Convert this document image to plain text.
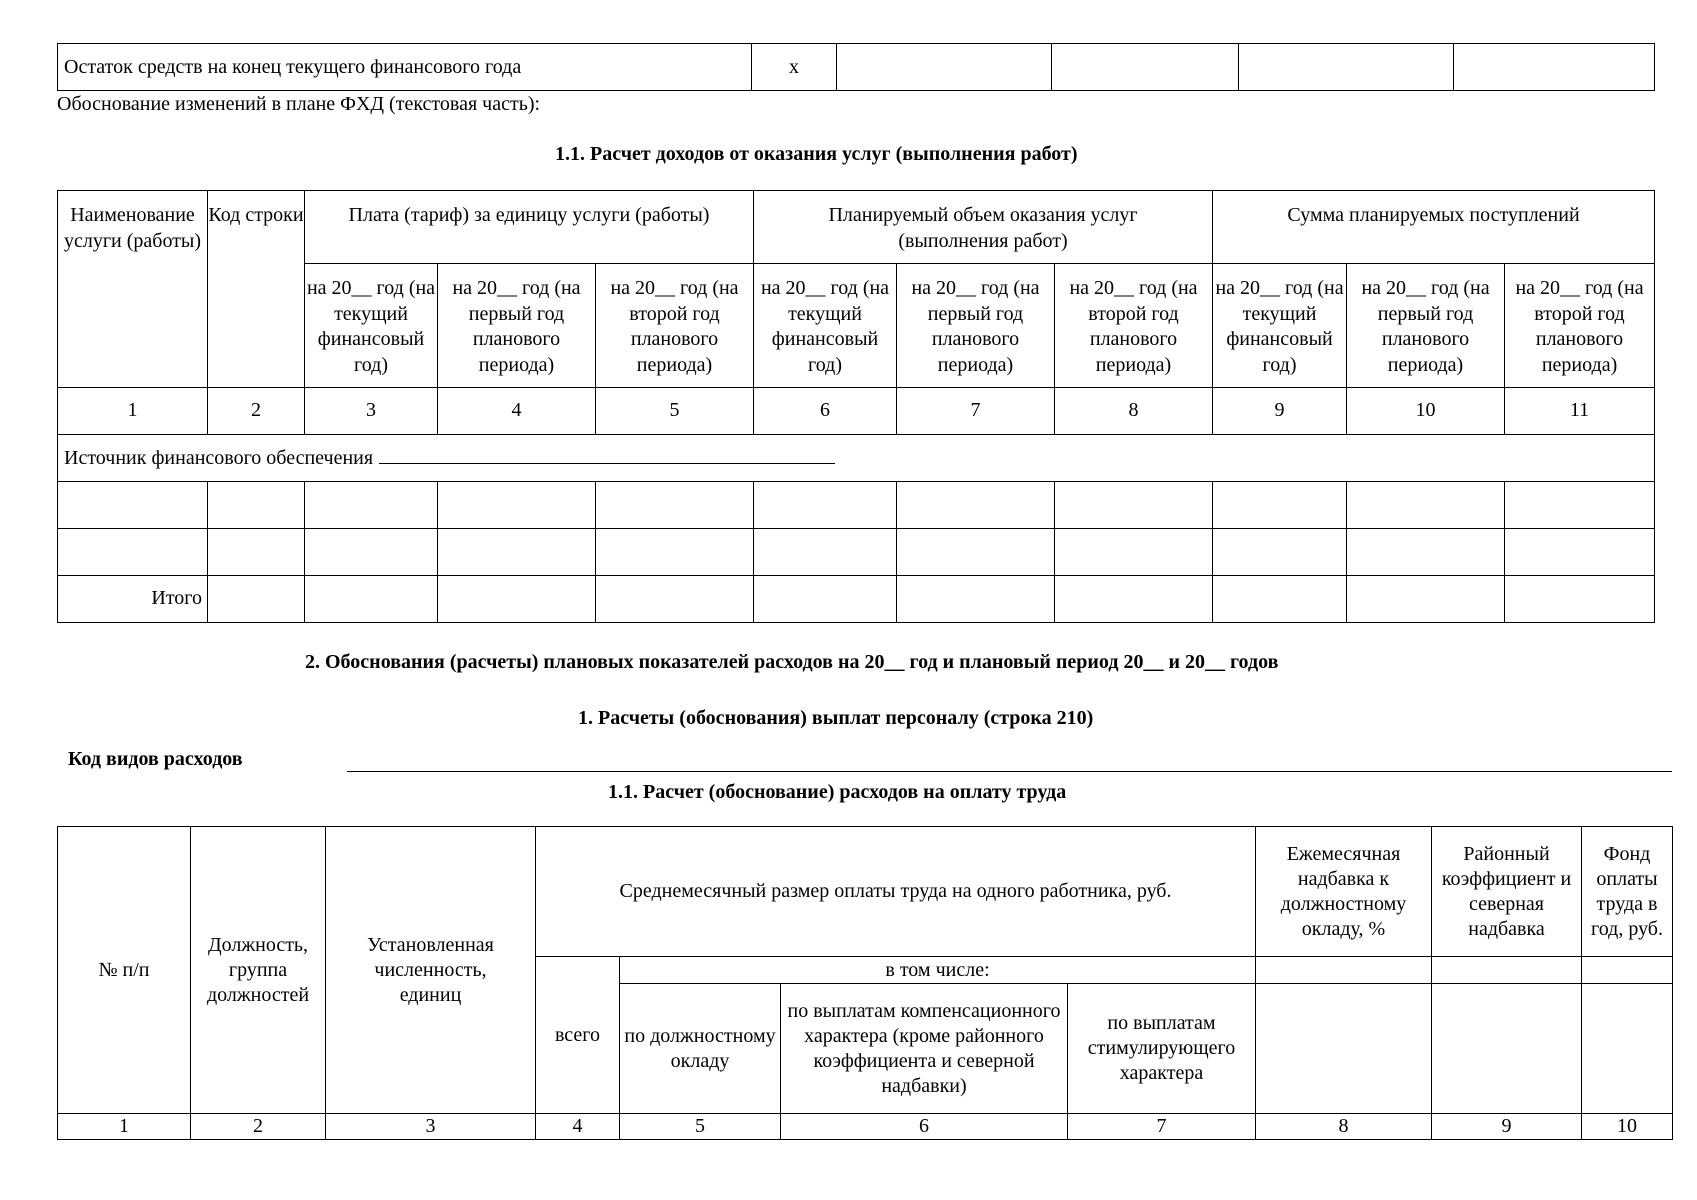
Остаток средств на конец текущего финансового года	x				
Обоснование изменений в плане ФХД (текстовая часть):
1.1. Расчет доходов от оказания услуг (выполнения работ)
Наименование услуги (работы)	Код строки	Плата (тариф) за единицу услуги (работы)			Планируемый объем оказания услуг (выполнения работ)			Сумма планируемых поступлений		
		на 20__ год (на текущий финансовый год)	на 20__ год (на первый год планового периода)	на 20__ год (на второй год планового периода)	на 20__ год (на текущий финансовый год)	на 20__ год (на первый год планового периода)	на 20__ год (на второй год планового периода)	на 20__ год (на текущий финансовый год)	на 20__ год (на первый год планового периода)	на 20__ год (на второй год планового периода)
1	2	3	4	5	6	7	8	9	10	11
Источник финансового обеспечения										

Итого										
2. Обоснования (расчеты) плановых показателей расходов на 20__ год и плановый период 20__ и 20__ годов
1. Расчеты (обоснования) выплат персоналу (строка 210)
Код видов расходов
1.1. Расчет (обоснование) расходов на оплату труда
№ п/п	Должность, группа должностей	Установленная численность, единиц	Среднемесячный размер оплаты труда на одного работника, руб.				Ежемесячная надбавка к должностному окладу, %	Районный коэффициент и северная надбавка	Фонд оплаты труда в год, руб.
			всего	в том числе:					
				по должностному окладу	по выплатам компенсационного характера (кроме районного коэффициента и северной надбавки)	по выплатам стимулирующего характера			
1	2	3	4	5	6	7	8	9	10
